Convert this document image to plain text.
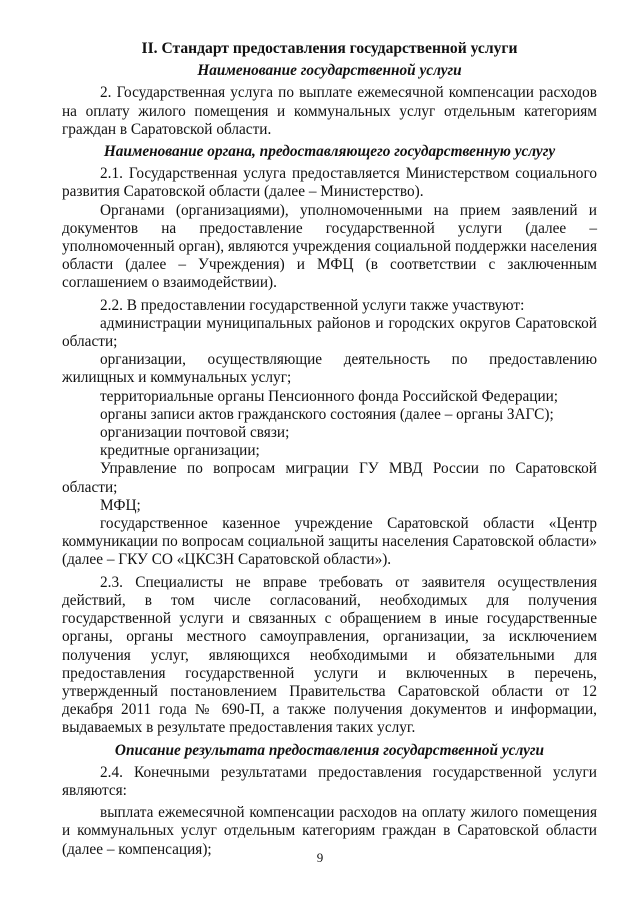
II. Стандарт предоставления государственной услуги
Наименование государственной услуги

2. Государственная услуга по выплате ежемесячной компенсации расходов на оплату жилого помещения и коммунальных услуг отдельным категориям граждан в Саратовской области.

Наименование органа, предоставляющего государственную услугу

2.1. Государственная услуга предоставляется Министерством социального развития Саратовской области (далее – Министерство).

Органами (организациями), уполномоченными на прием заявлений и документов на предоставление государственной услуги (далее – уполномоченный орган), являются учреждения социальной поддержки населения области (далее – Учреждения) и МФЦ (в соответствии с заключенным соглашением о взаимодействии).

2.2. В предоставлении государственной услуги также участвуют:

администрации муниципальных районов и городских округов Саратовской области;

организации, осуществляющие деятельность по предоставлению жилищных и коммунальных услуг;

территориальные органы Пенсионного фонда Российской Федерации;

органы записи актов гражданского состояния (далее – органы ЗАГС);

организации почтовой связи;

кредитные организации;

Управление по вопросам миграции ГУ МВД России по Саратовской области;

МФЦ;

государственное казенное учреждение Саратовской области «Центр коммуникации по вопросам социальной защиты населения Саратовской области» (далее – ГКУ СО «ЦКСЗН Саратовской области»).

2.3. Специалисты не вправе требовать от заявителя осуществления действий, в том числе согласований, необходимых для получения государственной услуги и связанных с обращением в иные государственные органы, органы местного самоуправления, организации, за исключением получения услуг, являющихся необходимыми и обязательными для предоставления государственной услуги и включенных в перечень, утвержденный постановлением Правительства Саратовской области от 12 декабря 2011 года № 690-П, а также получения документов и информации, выдаваемых в результате предоставления таких услуг.

Описание результата предоставления государственной услуги

2.4. Конечными результатами предоставления государственной услуги являются:

выплата ежемесячной компенсации расходов на оплату жилого помещения и коммунальных услуг отдельным категориям граждан в Саратовской области (далее – компенсация);	9
